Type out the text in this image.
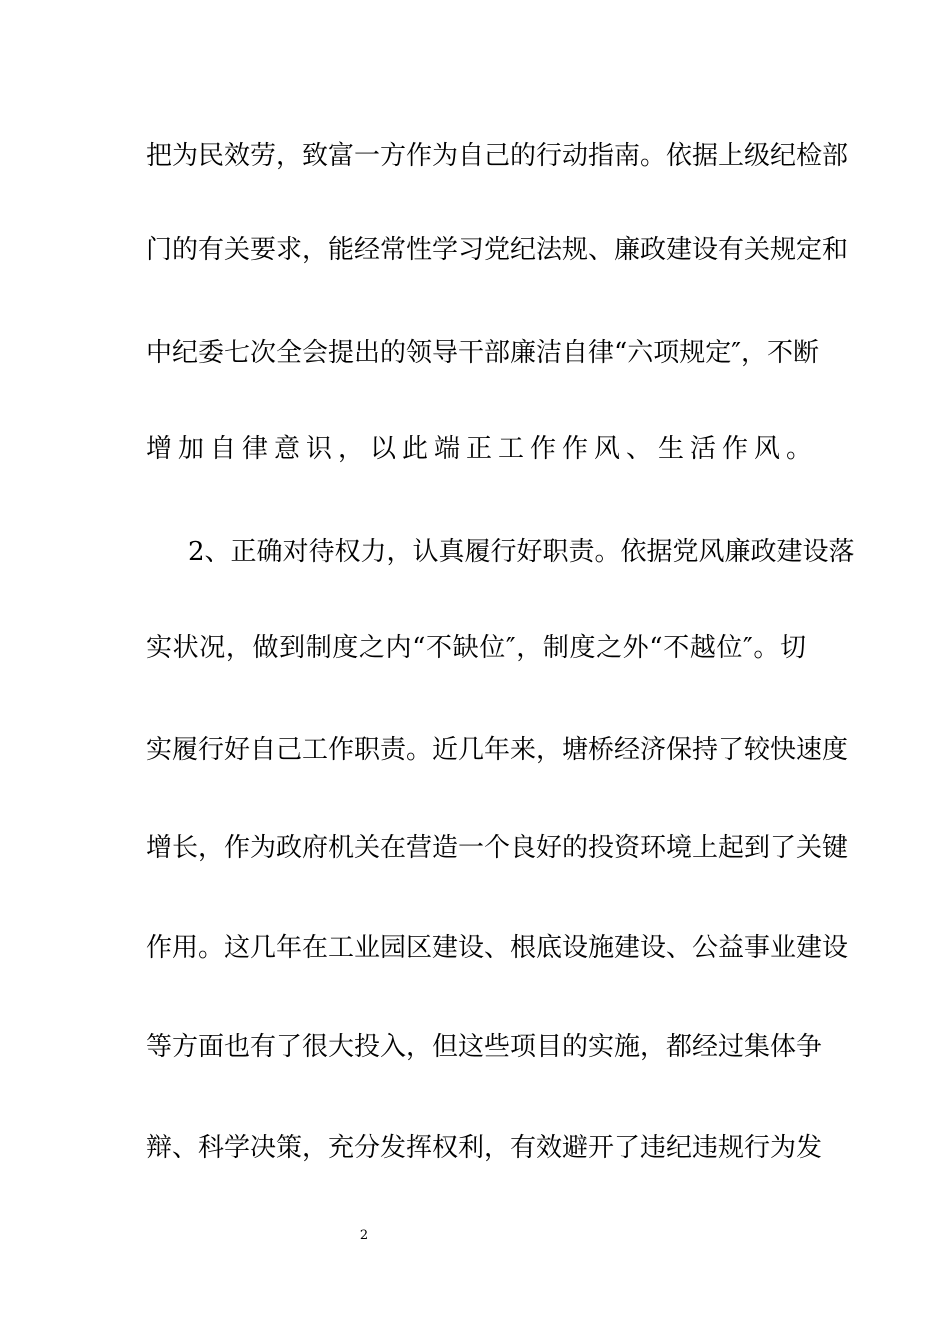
把为民效劳，致富一方作为自己的行动指南。依据上级纪检部
门的有关要求，能经常性学习党纪法规、廉政建设有关规定和
中纪委七次全会提出的领导干部廉洁自律“六项规定″，不断
增加自律意识，以此端正工作作风、生活作风。
2、正确对待权力，认真履行好职责。依据党风廉政建设落
实状况，做到制度之内“不缺位″，制度之外“不越位″。切
实履行好自己工作职责。近几年来，塘桥经济保持了较快速度
增长，作为政府机关在营造一个良好的投资环境上起到了关键
作用。这几年在工业园区建设、根底设施建设、公益事业建设
等方面也有了很大投入，但这些项目的实施，都经过集体争
辩、科学决策，充分发挥权利，有效避开了违纪违规行为发
2
